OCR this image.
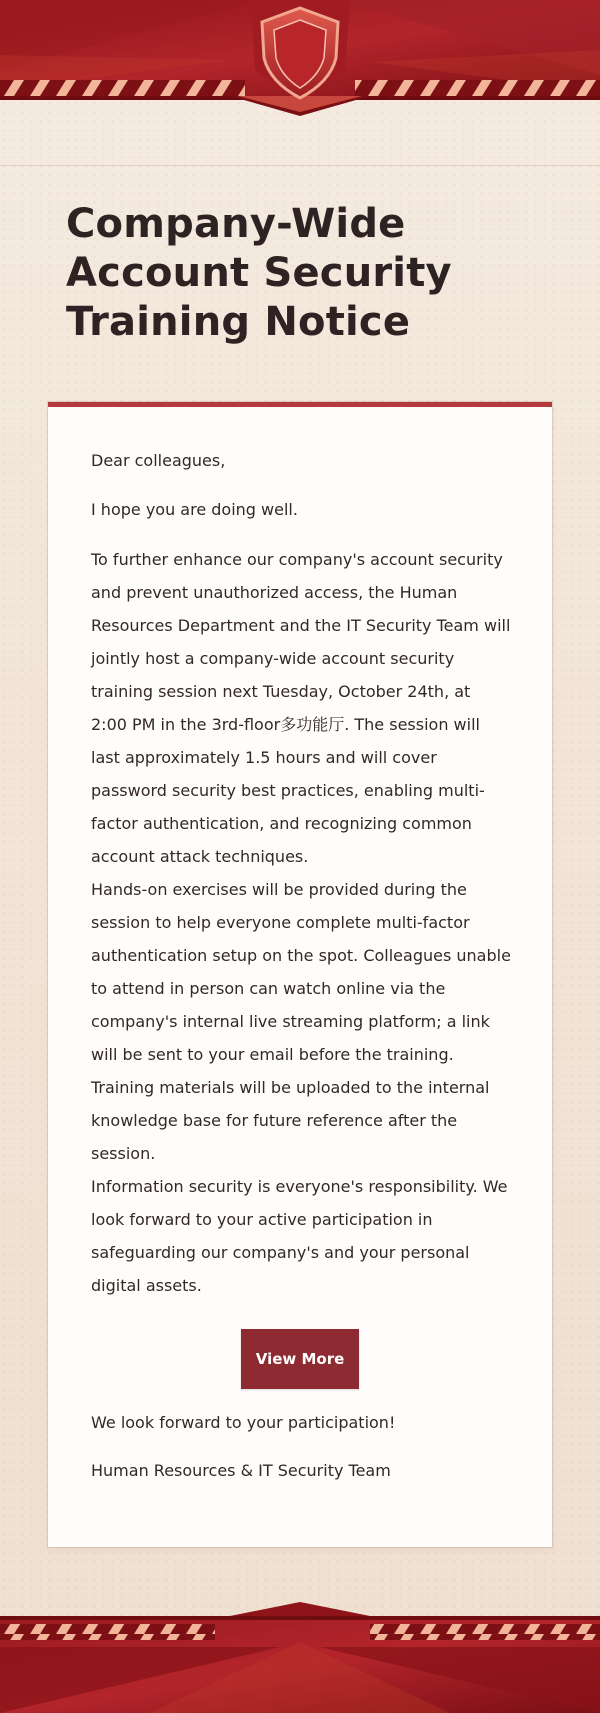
Company-Wide Account Security Training Notice

Dear colleagues,

I hope you are doing well.

To further enhance our company's account security and prevent unauthorized access, the Human Resources Department and the IT Security Team will jointly host a company-wide account security training session next Tuesday, October 24th, at 2:00 PM in the 3rd-floor多功能厅. The session will last approximately 1.5 hours and will cover password security best practices, enabling multi-factor authentication, and recognizing common account attack techniques.

Hands-on exercises will be provided during the session to help everyone complete multi-factor authentication setup on the spot. Colleagues unable to attend in person can watch online via the company's internal live streaming platform; a link will be sent to your email before the training. Training materials will be uploaded to the internal knowledge base for future reference after the session.

Information security is everyone's responsibility. We look forward to your active participation in safeguarding our company's and your personal digital assets.

We look forward to your participation!

Human Resources & IT Security Team

View More
